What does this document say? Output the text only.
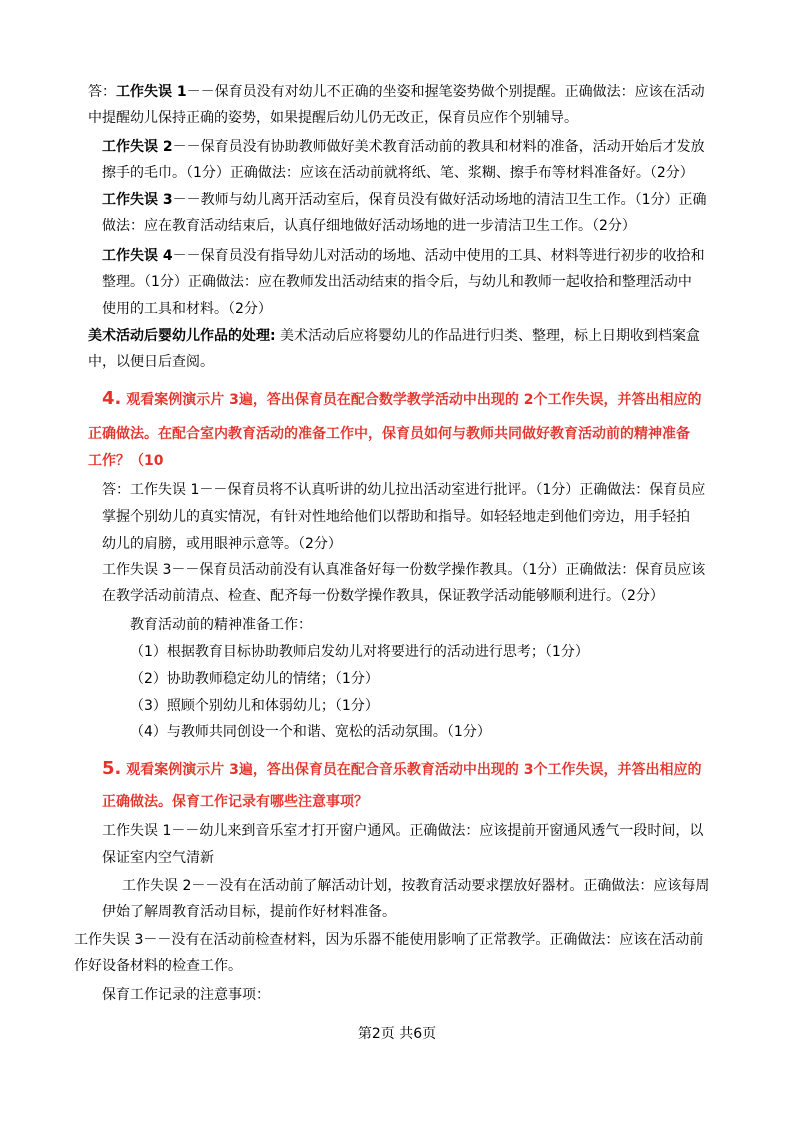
答：工作失误 1－－保育员没有对幼儿不正确的坐姿和握笔姿势做个别提醒。正确做法：应该在活动

中提醒幼儿保持正确的姿势，如果提醒后幼儿仍无改正，保育员应作个别辅导。

工作失误 2－－保育员没有协助教师做好美术教育活动前的教具和材料的准备，活动开始后才发放

擦手的毛巾。（1分）正确做法：应该在活动前就将纸、笔、浆糊、擦手布等材料准备好。（2分）

工作失误 3－－教师与幼儿离开活动室后，保育员没有做好活动场地的清洁卫生工作。（1分）正确

做法：应在教育活动结束后，认真仔细地做好活动场地的进一步清洁卫生工作。（2分）

工作失误 4－－保育员没有指导幼儿对活动的场地、活动中使用的工具、材料等进行初步的收拾和

整理。（1分）正确做法：应在教师发出活动结束的指令后，与幼儿和教师一起收拾和整理活动中

使用的工具和材料。（2分）

美术活动后婴幼儿作品的处理: 美术活动后应将婴幼儿的作品进行归类、整理，标上日期收到档案盒

中，以便日后查阅。

4. 观看案例演示片 3遍，答出保育员在配合数学教学活动中出现的 2个工作失误，并答出相应的

正确做法。在配合室内教育活动的准备工作中，保育员如何与教师共同做好教育活动前的精神准备

工作？（10

答：工作失误 1－－保育员将不认真听讲的幼儿拉出活动室进行批评。（1分）正确做法：保育员应

掌握个别幼儿的真实情况，有针对性地给他们以帮助和指导。如轻轻地走到他们旁边，用手轻拍

幼儿的肩膀，或用眼神示意等。（2分）

工作失误 3－－保育员活动前没有认真准备好每一份数学操作教具。（1分）正确做法：保育员应该

在教学活动前清点、检查、配齐每一份数学操作教具，保证教学活动能够顺利进行。（2分）

教育活动前的精神准备工作：

（1）根据教育目标协助教师启发幼儿对将要进行的活动进行思考；（1分）

（2）协助教师稳定幼儿的情绪；（1分）

（3）照顾个别幼儿和体弱幼儿；（1分）

（4）与教师共同创设一个和谐、宽松的活动氛围。（1分）

5. 观看案例演示片 3遍，答出保育员在配合音乐教育活动中出现的 3个工作失误，并答出相应的

正确做法。保育工作记录有哪些注意事项？

工作失误 1－－幼儿来到音乐室才打开窗户通风。正确做法：应该提前开窗通风透气一段时间，以

保证室内空气清新

工作失误 2－－没有在活动前了解活动计划，按教育活动要求摆放好器材。正确做法：应该每周

伊始了解周教育活动目标，提前作好材料准备。

工作失误 3－－没有在活动前检查材料，因为乐器不能使用影响了正常教学。正确做法：应该在活动前

作好设备材料的检查工作。

保育工作记录的注意事项：

第2页 共6页
